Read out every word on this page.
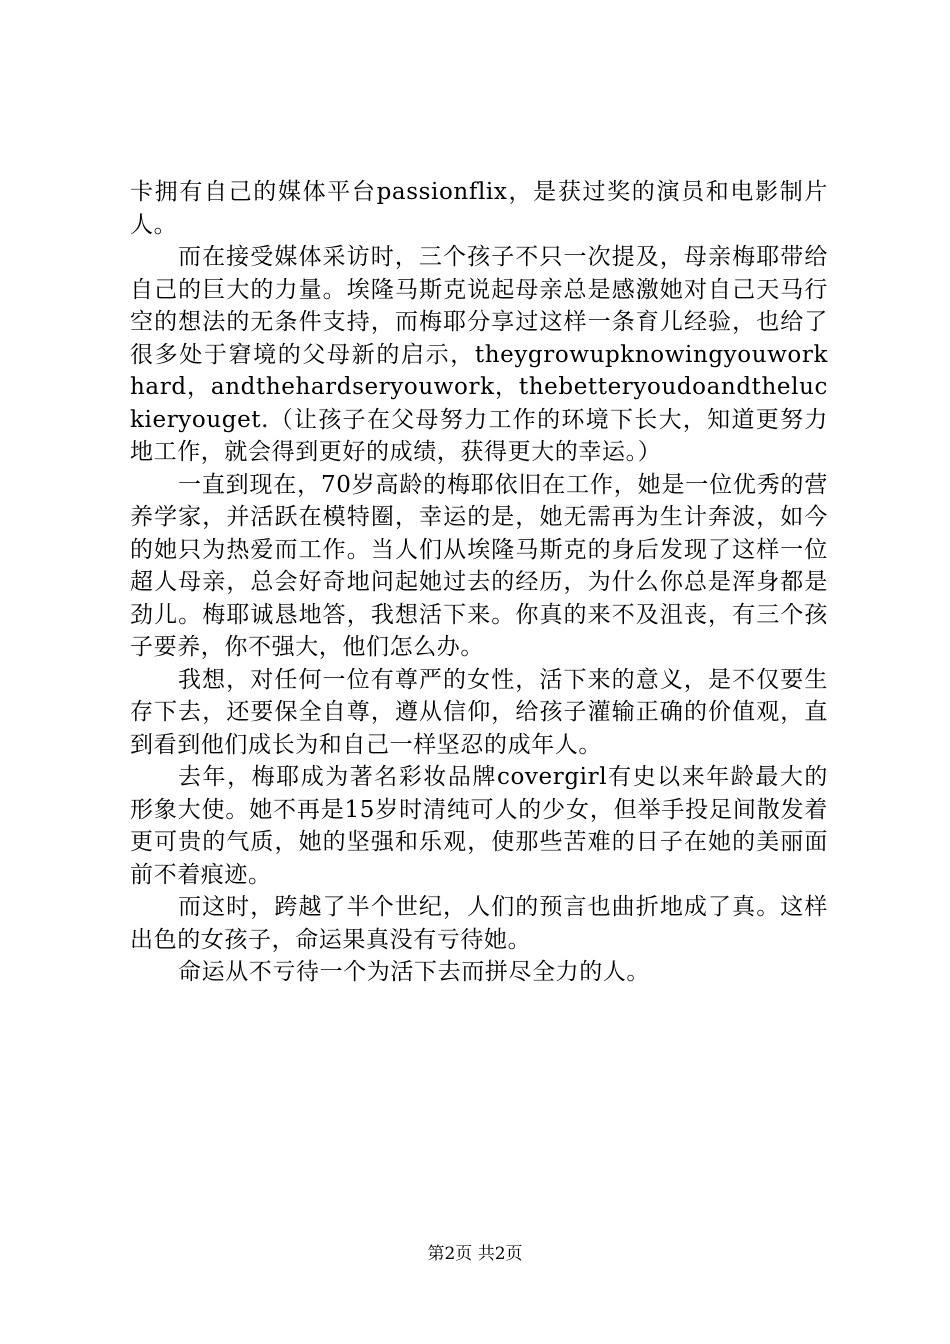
卡拥有自己的媒体平台passionflix，是获过奖的演员和电影制片人。

而在接受媒体采访时，三个孩子不只一次提及，母亲梅耶带给自己的巨大的力量。埃隆马斯克说起母亲总是感激她对自己天马行空的想法的无条件支持，而梅耶分享过这样一条育儿经验，也给了很多处于窘境的父母新的启示，theygrowupknowingyouworkhard，andthehardseryouwork，thebetteryoudoandtheluckieryouget.（让孩子在父母努力工作的环境下长大，知道更努力地工作，就会得到更好的成绩，获得更大的幸运。）

一直到现在，70岁高龄的梅耶依旧在工作，她是一位优秀的营养学家，并活跃在模特圈，幸运的是，她无需再为生计奔波，如今的她只为热爱而工作。当人们从埃隆马斯克的身后发现了这样一位超人母亲，总会好奇地问起她过去的经历，为什么你总是浑身都是劲儿。梅耶诚恳地答，我想活下来。你真的来不及沮丧，有三个孩子要养，你不强大，他们怎么办。

我想，对任何一位有尊严的女性，活下来的意义，是不仅要生存下去，还要保全自尊，遵从信仰，给孩子灌输正确的价值观，直到看到他们成长为和自己一样坚忍的成年人。

去年，梅耶成为著名彩妆品牌covergirl有史以来年龄最大的形象大使。她不再是15岁时清纯可人的少女，但举手投足间散发着更可贵的气质，她的坚强和乐观，使那些苦难的日子在她的美丽面前不着痕迹。

而这时，跨越了半个世纪，人们的预言也曲折地成了真。这样出色的女孩子，命运果真没有亏待她。

命运从不亏待一个为活下去而拼尽全力的人。

第2页 共2页
